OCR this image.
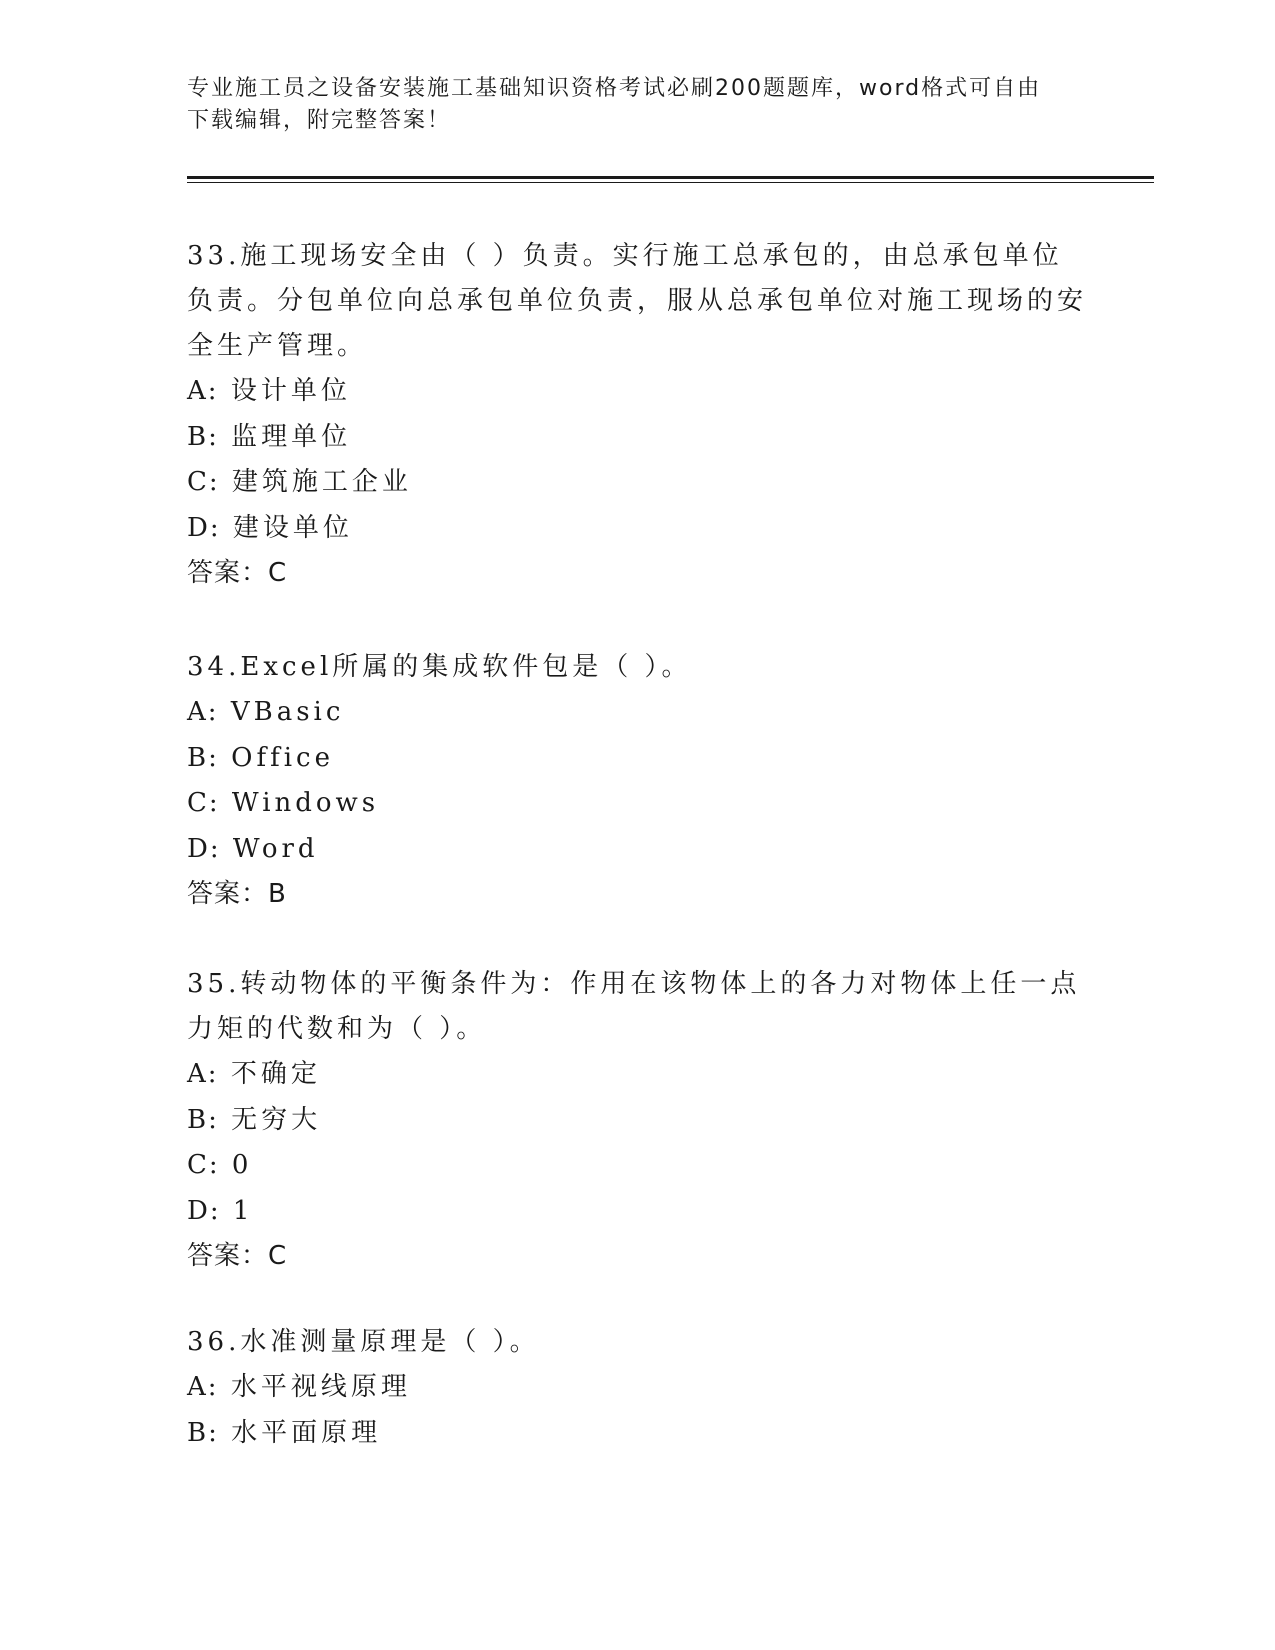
专业施工员之设备安装施工基础知识资格考试必刷200题题库，word格式可自由
下载编辑，附完整答案！
33.施工现场安全由（ ）负责。实行施工总承包的，由总承包单位负责。分包单位向总承包单位负责，服从总承包单位对施工现场的安全生产管理。
A: 设计单位
B: 监理单位
C: 建筑施工企业
D: 建设单位
答案：C
34.Excel所属的集成软件包是（ ）。
A: VBasic
B: Office
C: Windows
D: Word
答案：B
35.转动物体的平衡条件为：作用在该物体上的各力对物体上任一点力矩的代数和为（ ）。
A: 不确定
B: 无穷大
C: 0
D: 1
答案：C
36.水准测量原理是（ ）。
A: 水平视线原理
B: 水平面原理
